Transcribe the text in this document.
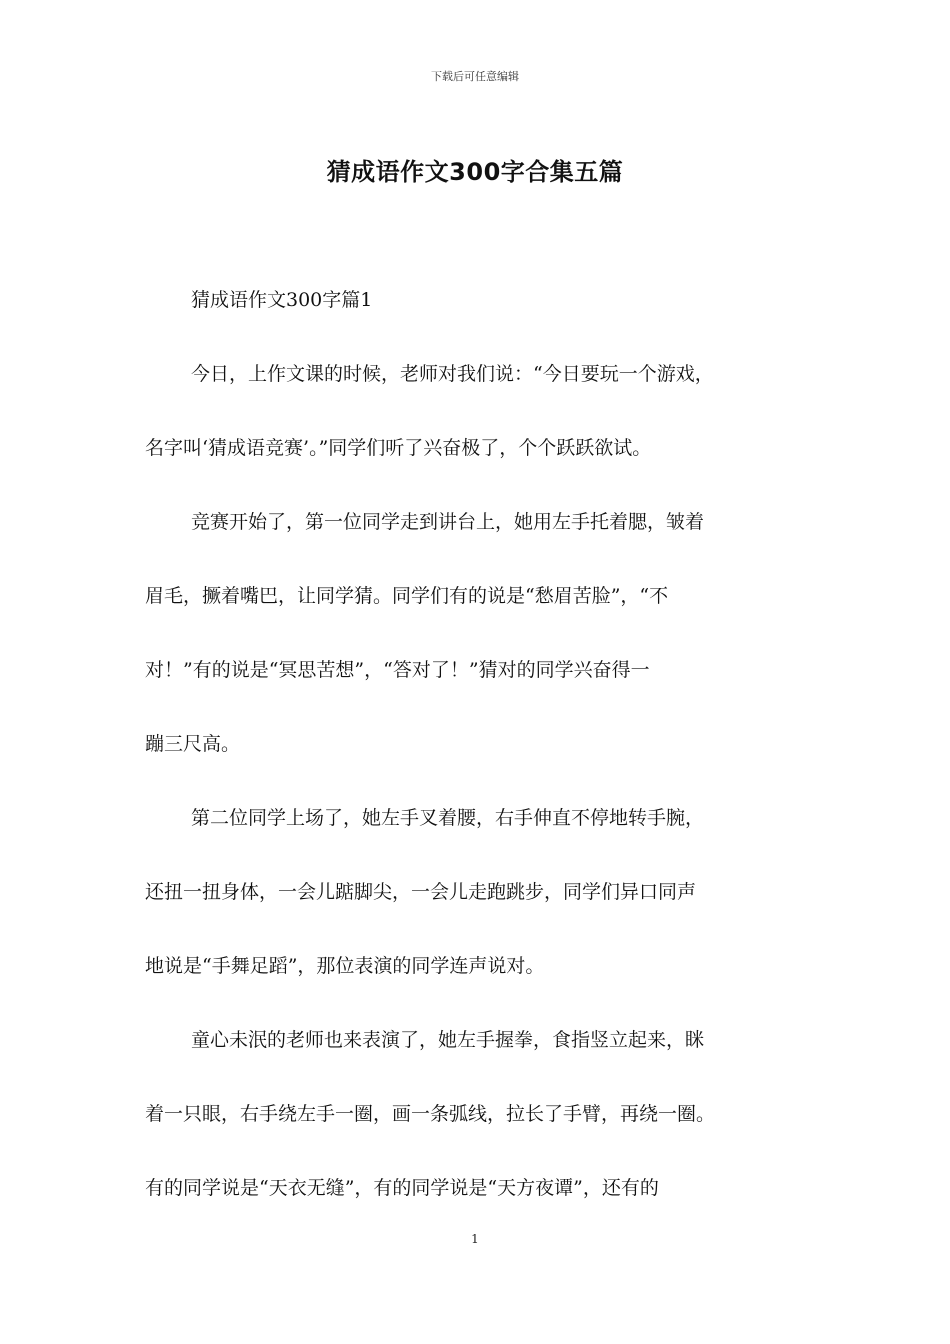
下载后可任意编辑
猜成语作文300字合集五篇
猜成语作文300字篇1
今日，上作文课的时候，老师对我们说：“今日要玩一个游戏，
名字叫‘猜成语竞赛’。”同学们听了兴奋极了，个个跃跃欲试。
竞赛开始了，第一位同学走到讲台上，她用左手托着腮，皱着
眉毛，撅着嘴巴，让同学猜。同学们有的说是“愁眉苦脸”，“不
对！”有的说是“冥思苦想”，“答对了！”猜对的同学兴奋得一
蹦三尺高。
第二位同学上场了，她左手叉着腰，右手伸直不停地转手腕，
还扭一扭身体，一会儿踮脚尖，一会儿走跑跳步，同学们异口同声
地说是“手舞足蹈”，那位表演的同学连声说对。
童心未泯的老师也来表演了，她左手握拳，食指竖立起来，眯
着一只眼，右手绕左手一圈，画一条弧线，拉长了手臂，再绕一圈。
有的同学说是“天衣无缝”，有的同学说是“天方夜谭”，还有的
1
